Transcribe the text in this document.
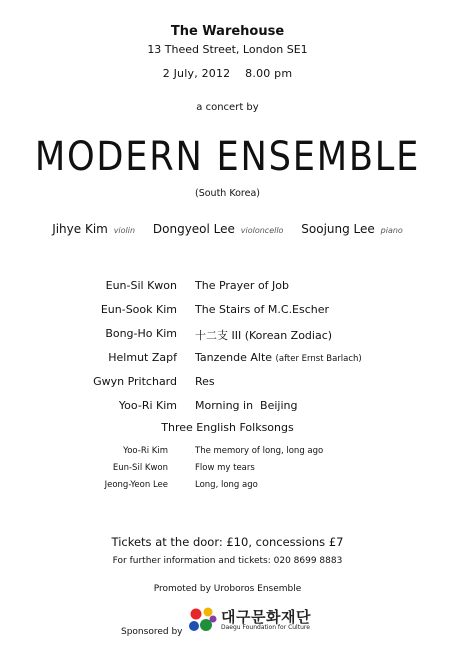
The Warehouse
13 Theed Street, London SE1
2 July, 2012    8.00 pm
a concert by
MODERN ENSEMBLE
(South Korea)
Jihye Kim violin Dongyeol Lee violoncello Soojung Lee piano
Eun-Sil Kwon The Prayer of Job
Eun-Sook Kim The Stairs of M.C.Escher
Bong-Ho Kim 十二支 III (Korean Zodiac)
Helmut Zapf Tanzende Alte (after Ernst Barlach)
Gwyn Pritchard Res
Yoo-Ri Kim Morning in  Beijing
Three English Folksongs
Yoo-Ri Kim	The memory of long, long ago
Eun-Sil Kwon	Flow my tears
Jeong-Yeon Lee	Long, long ago
Tickets at the door: £10, concessions £7
For further information and tickets: 020 8699 8883
Promoted by Uroboros Ensemble
Sponsored by
대구문화재단
Daegu Foundation for Culture
